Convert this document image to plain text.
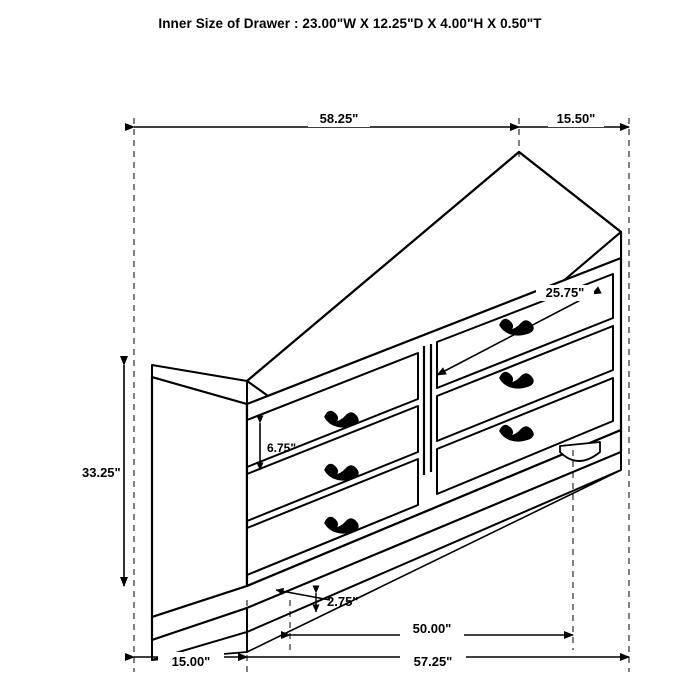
Inner Size of Drawer : 23.00"W X 12.25"D X 4.00"H X 0.50"T
58.25"	15.50"
33.25"
25.75"
6.75"
2.75"
15.00"	57.25"
50.00"
